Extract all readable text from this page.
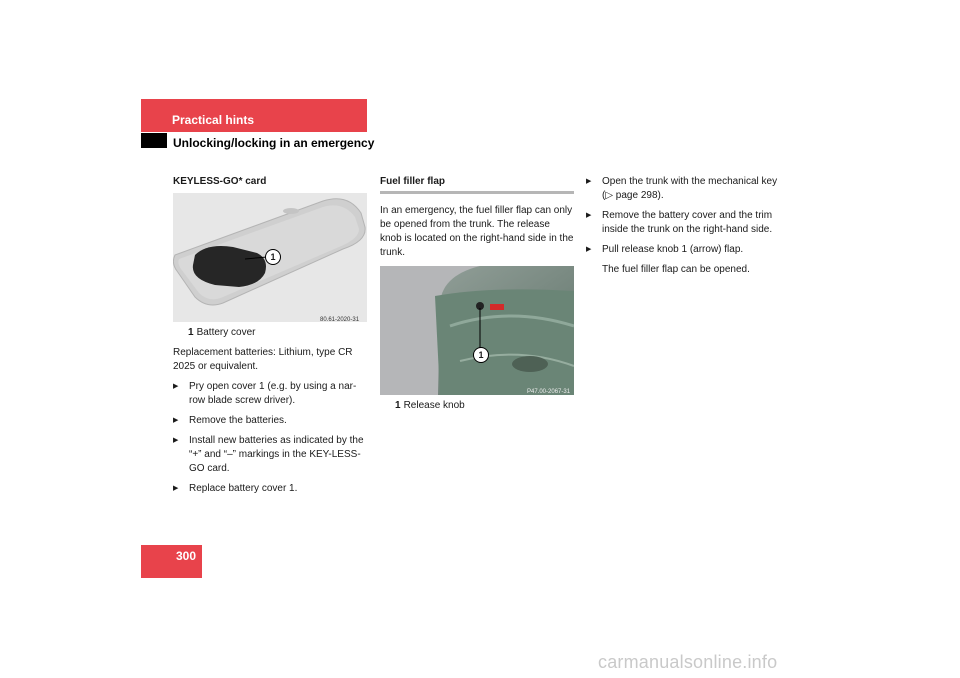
Practical hints
Unlocking/locking in an emergency
KEYLESS-GO* card
1
80.61-2020-31
1 Battery cover

Replacement batteries: Lithium, type CR 2025 or equivalent.

▶ Pry open cover 1 (e.g. by using a nar-row blade screw driver).
▶ Remove the batteries.
▶ Install new batteries as indicated by the “+” and “–” markings in the KEY-LESS-GO card.
▶ Replace battery cover 1.
Fuel filler flap

In an emergency, the fuel filler flap can only be opened from the trunk. The release knob is located on the right-hand side in the trunk.

1
P47.00-2067-31
1 Release knob
▶ Open the trunk with the mechanical key (▷ page 298).
▶ Remove the battery cover and the trim inside the trunk on the right-hand side.
▶ Pull release knob 1 (arrow) flap.

The fuel filler flap can be opened.

300
carmanualsonline.info
